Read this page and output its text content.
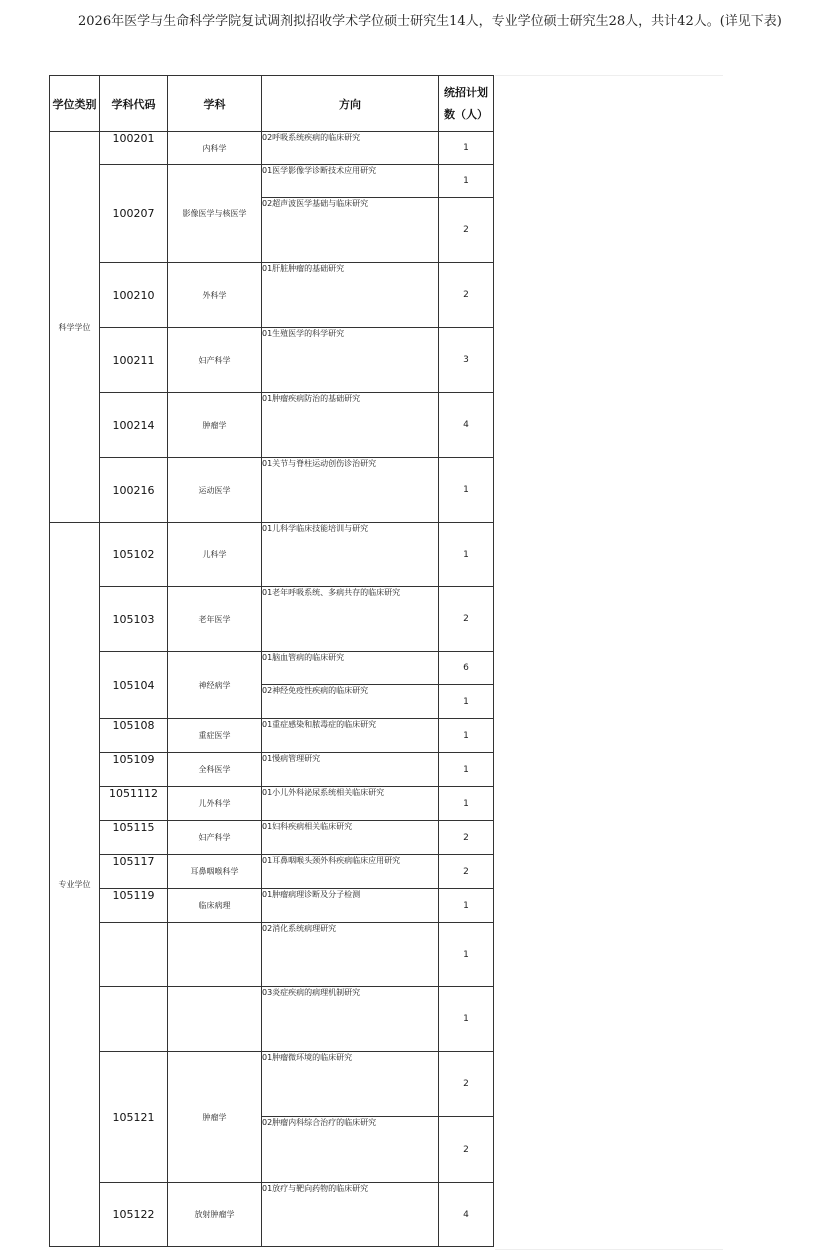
2026年医学与生命科学学院复试调剂拟招收学术学位硕士研究生14人，专业学位硕士研究生28人，共计42人。(详见下表)

学位类别	学科代码	学科	方向	统招计划数（人）
科学学位	100201	内科学	02呼吸系统疾病的临床研究	1
	100207	影像医学与核医学	01医学影像学诊断技术应用研究	1
			02超声波医学基础与临床研究	2
	100210	外科学	01肝脏肿瘤的基础研究	2
	100211	妇产科学	01生殖医学的科学研究	3
	100214	肿瘤学	01肿瘤疾病防治的基础研究	4
	100216	运动医学	01关节与脊柱运动创伤诊治研究	1
专业学位	105102	儿科学	01儿科学临床技能培训与研究	1
	105103	老年医学	01老年呼吸系统、多病共存的临床研究	2
	105104	神经病学	01脑血管病的临床研究	6
			02神经免疫性疾病的临床研究	1
	105108	重症医学	01重症感染和脓毒症的临床研究	1
	105109	全科医学	01慢病管理研究	1
	1051112	儿外科学	01小儿外科泌尿系统相关临床研究	1
	105115	妇产科学	01妇科疾病相关临床研究	2
	105117	耳鼻咽喉科学	01耳鼻咽喉头颈外科疾病临床应用研究	2
	105119	临床病理	01肿瘤病理诊断及分子检测	1
			02消化系统病理研究	1
			03炎症疾病的病理机制研究	1
	105121	肿瘤学	01肿瘤微环境的临床研究	2
			02肿瘤内科综合治疗的临床研究	2
	105122	放射肿瘤学	01放疗与靶向药物的临床研究	4
